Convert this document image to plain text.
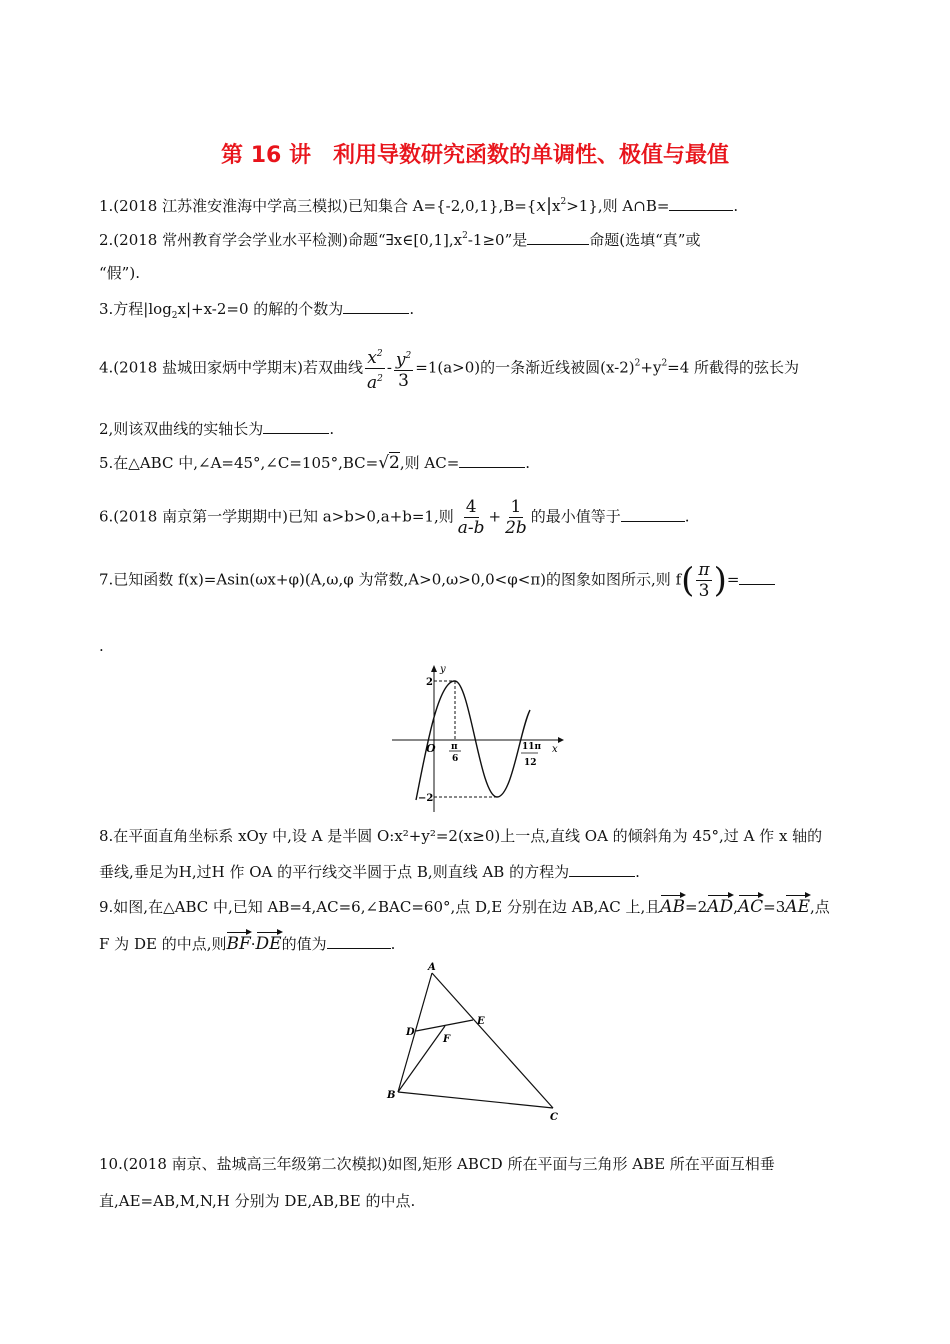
第 16 讲　利用导数研究函数的单调性、极值与最值
1.(2018 江苏淮安淮海中学高三模拟)已知集合 $A=\{-2,0,1\},B=\{x|x^2>1\}$,则 A∩B=	.
2.(2018 常州教育学会学业水平检测)命题“$\exists x\in[0,1],x^2-1\ge 0$”是	命题(选填“真”或
“假”).
3.方程$|\log_2x|+x-2=0$ 的解的个数为	.
4.(2018 盐城田家炳中学期末)若双曲线 $\frac{x^2}{a^2} - \frac{y^2}{3} =1(a>0)$的一条渐近线被圆$(x-2)^2+y^2=4$ 所截得的弦长为
2,则该双曲线的实轴长为	.
5.在△ABC 中,∠A=45°,∠C=105°,BC=√2,则 AC=	.
6.(2018 南京第一学期期中)已知 a>b>0,a+b=1,则 $\frac{4}{a-b} + \frac{1}{2b}$ 的最小值等于	.
7.已知函数 f(x)=Asin(ωx+φ)(A,ω,φ 为常数,A>0,ω>0,0<φ<π)的图象如图所示,则 $f( \frac{\pi}{3}$ )=
.
y
x
O
2
−2
π
6
11π
12
8.在平面直角坐标系 xOy 中,设 A 是半圆 O:x²+y²=2(x≥0)上一点,直线 OA 的倾斜角为 45°,过 A 作 x 轴的
垂线,垂足为H,过H 作 OA 的平行线交半圆于点 B,则直线 AB 的方程为	.
9.如图,在△ABC 中,已知 AB=4,AC=6,∠BAC=60°,点 D,E 分别在边 AB,AC 上,且AB=2AD,AC=3AE,点
F 为 DE 的中点,则BF·DE的值为	.
A
B
C
D
E
F
10.(2018 南京、盐城高三年级第二次模拟)如图,矩形 ABCD 所在平面与三角形 ABE 所在平面互相垂
直,AE=AB,M,N,H 分别为 DE,AB,BE 的中点.
